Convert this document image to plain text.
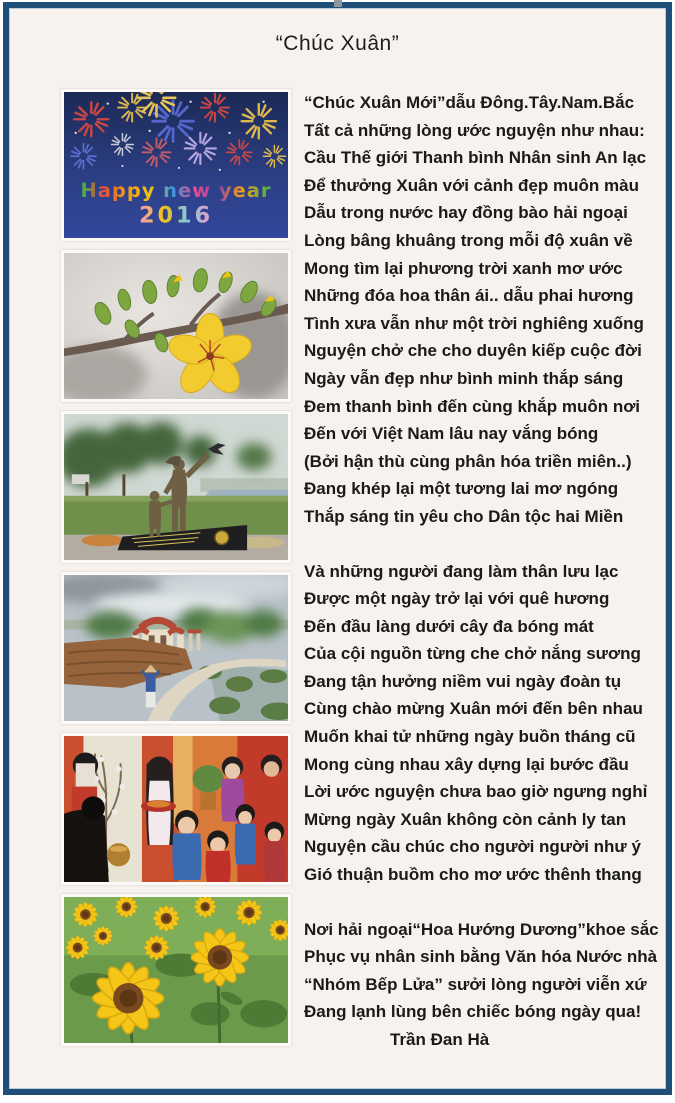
“Chúc Xuân”
Happy new year
2016
“Chúc Xuân Mới”dẫu Đông.Tây.Nam.Bắc
Tất cả những lòng ước nguyện như nhau:
Cầu Thế giới Thanh bình Nhân sinh An lạc
Để thưởng Xuân với cảnh đẹp muôn màu
Dẫu trong nước hay đồng bào hải ngoại
Lòng bâng khuâng trong mỗi độ xuân về
Mong tìm lại phương trời xanh mơ ước
Những đóa hoa thân ái.. dẫu phai hương
Tình xưa vẫn như một trời nghiêng xuống
Nguyện chở che cho duyên kiếp cuộc đời
Ngày vẫn đẹp như bình minh thắp sáng
Đem thanh bình đến cùng khắp muôn nơi
Đến với Việt Nam lâu nay vắng bóng
(Bởi hận thù cùng phân hóa triền miên..)
Đang khép lại một tương lai mơ ngóng
Thắp sáng tin yêu cho Dân tộc hai Miền
Và những người đang làm thân lưu lạc
Được một ngày trở lại với quê hương
Đến đầu làng dưới cây đa bóng mát
Của cội nguồn từng che chở nắng sương
Đang tận hưởng niềm vui ngày đoàn tụ
Cùng chào mừng Xuân mới đến bên nhau
Muốn khai tử những ngày buồn tháng cũ
Mong cùng nhau xây dựng lại bước đầu
Lời ước nguyện chưa bao giờ ngưng nghỉ
Mừng ngày Xuân không còn cảnh ly tan
Nguyện cầu chúc cho người người như ý
Gió thuận buồm cho mơ ước thênh thang
Nơi hải ngoại“Hoa Hướng Dương”khoe sắc
Phục vụ nhân sinh bằng Văn hóa Nước nhà
“Nhóm Bếp Lửa” sưởi lòng người viễn xứ
Đang lạnh lùng bên chiếc bóng ngày qua!
Trần Đan Hà
